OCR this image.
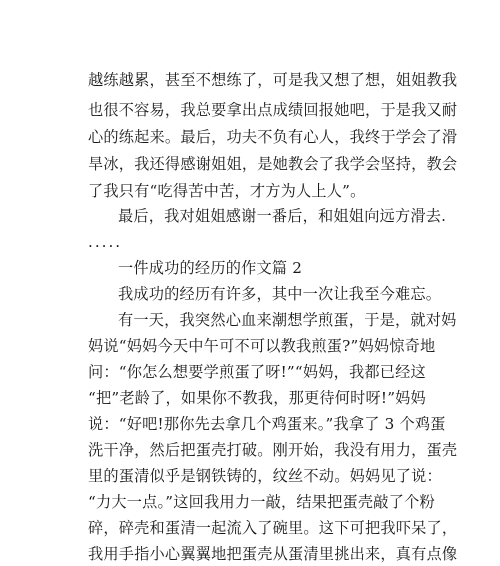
越练越累，甚至不想练了，可是我又想了想，姐姐教我
也很不容易，我总要拿出点成绩回报她吧，于是我又耐
心的练起来。最后，功夫不负有心人，我终于学会了滑
旱冰，我还得感谢姐姐，是她教会了我学会坚持，教会
了我只有“吃得苦中苦，才方为人上人”。
最后，我对姐姐感谢一番后，和姐姐向远方滑去.
.....
一件成功的经历的作文篇 2
我成功的经历有许多，其中一次让我至今难忘。
有一天，我突然心血来潮想学煎蛋，于是，就对妈
妈说“妈妈今天中午可不可以教我煎蛋?”妈妈惊奇地
问：“你怎么想要学煎蛋了呀!”“妈妈，我都已经这
“把”老龄了，如果你不教我，那更待何时呀!”妈妈
说：“好吧!那你先去拿几个鸡蛋来。”我拿了 3 个鸡蛋
洗干净，然后把蛋壳打破。刚开始，我没有用力，蛋壳
里的蛋清似乎是钢铁铸的，纹丝不动。妈妈见了说：
“力大一点。”这回我用力一敲，结果把蛋壳敲了个粉
碎，碎壳和蛋清一起流入了碗里。这下可把我吓呆了，
我用手指小心翼翼地把蛋壳从蛋清里挑出来，真有点像
